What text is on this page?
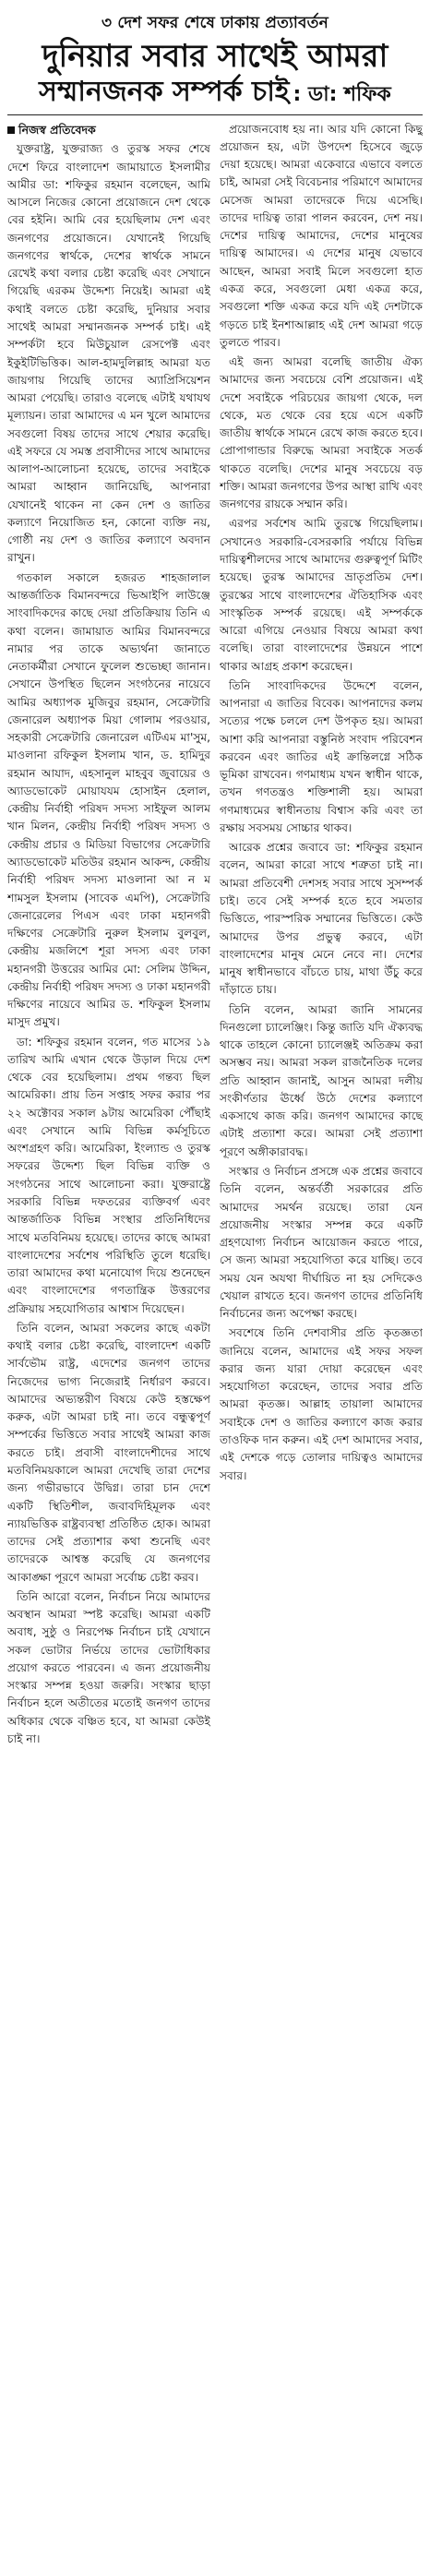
৩ দেশ সফর শেষে ঢাকায় প্রত্যাবর্তন
দুনিয়ার সবার সাথেই আমরা
সম্মানজনক সম্পর্ক চাই : ডা: শফিক
নিজস্ব প্রতিবেদক

যুক্তরাষ্ট্র, যুক্তরাজ্য ও তুরস্ক সফর শেষে দেশে ফিরে বাংলাদেশ জামায়াতে ইসলামীর আমীর ডা: শফিকুর রহমান বলেছেন, আমি আসলে নিজের কোনো প্রয়োজনে দেশ থেকে বের হইনি। আমি বের হয়েছিলাম দেশ এবং জনগণের প্রয়োজনে। যেখানেই গিয়েছি জনগণের স্বার্থকে, দেশের স্বার্থকে সামনে রেখেই কথা বলার চেষ্টা করেছি এবং সেখানে গিয়েছি এরকম উদ্দেশ্য নিয়েই। আমরা এই কথাই বলতে চেষ্টা করেছি, দুনিয়ার সবার সাথেই আমরা সম্মানজনক সম্পর্ক চাই। এই সম্পর্কটা হবে মিউচুয়াল রেসপেক্ট এবং ইকুইটিভিত্তিক। আল-হামদুলিল্লাহ আমরা যত জায়গায় গিয়েছি তাদের অ্যাপ্রিসিয়েশন আমরা পেয়েছি। তারাও বলেছে এটাই যথাযথ মূল্যায়ন। তারা আমাদের এ মন খুলে আমাদের সবগুলো বিষয় তাদের সাথে শেয়ার করেছি। এই সফরে যে সমস্ত প্রবাসীদের সাথে আমাদের আলাপ-আলোচনা হয়েছে, তাদের সবাইকে আমরা আহ্বান জানিয়েছি, আপনারা যেখানেই থাকেন না কেন দেশ ও জাতির কল্যাণে নিয়োজিত হন, কোনো ব্যক্তি নয়, গোষ্ঠী নয় দেশ ও জাতির কল্যাণে অবদান রাখুন।

গতকাল সকালে হজরত শাহজালাল আন্তর্জাতিক বিমানবন্দরে ভিআইপি লাউঞ্জে সাংবাদিকদের কাছে দেয়া প্রতিক্রিয়ায় তিনি এ কথা বলেন। জামায়াত আমির বিমানবন্দরে নামার পর তাকে অভ্যর্থনা জানাতে নেতাকর্মীরা সেখানে ফুলেল শুভেচ্ছা জানান। সেখানে উপস্থিত ছিলেন সংগঠনের নায়েবে আমির অধ্যাপক মুজিবুর রহমান, সেক্রেটারি জেনারেল অধ্যাপক মিয়া গোলাম পরওয়ার, সহকারী সেক্রেটারি জেনারেল এটিএম মা'সুম, মাওলানা রফিকুল ইসলাম খান, ড. হামিদুর রহমান আযাদ, এহসানুল মাহবুব জুবায়ের ও অ্যাডভোকেট মোয়াযযম হোসাইন হেলাল, কেন্দ্রীয় নির্বাহী পরিষদ সদস্য সাইফুল আলম খান মিলন, কেন্দ্রীয় নির্বাহী পরিষদ সদস্য ও কেন্দ্রীয় প্রচার ও মিডিয়া বিভাগের সেক্রেটারি অ্যাডভোকেট মতিউর রহমান আকন্দ, কেন্দ্রীয় নির্বাহী পরিষদ সদস্য মাওলানা আ ন ম শামসুল ইসলাম (সাবেক এমপি), সেক্রেটারি জেনারেলের পিএস এবং ঢাকা মহানগরী দক্ষিণের সেক্রেটারি নুরুল ইসলাম বুলবুল, কেন্দ্রীয় মজলিশে শূরা সদস্য এবং ঢাকা মহানগরী উত্তরের আমির মো: সেলিম উদ্দিন, কেন্দ্রীয় নির্বাহী পরিষদ সদস্য ও ঢাকা মহানগরী দক্ষিণের নায়েবে আমির ড. শফিকুল ইসলাম মাসুদ প্রমুখ।

ডা: শফিকুর রহমান বলেন, গত মাসের ১৯ তারিখ আমি এখান থেকে উড়াল দিয়ে দেশ থেকে বের হয়েছিলাম। প্রথম গন্তব্য ছিল আমেরিকা। প্রায় তিন সপ্তাহ সফর করার পর ২২ অক্টোবর সকাল ৯টায় আমেরিকা পৌঁছাই এবং সেখানে আমি বিভিন্ন কর্মসূচিতে অংশগ্রহণ করি। আমেরিকা, ইংল্যান্ড ও তুরস্ক সফরের উদ্দেশ্য ছিল বিভিন্ন ব্যক্তি ও সংগঠনের সাথে আলোচনা করা। যুক্তরাষ্ট্রে সরকারি বিভিন্ন দফতরের ব্যক্তিবর্গ এবং আন্তর্জাতিক বিভিন্ন সংস্থার প্রতিনিধিদের সাথে মতবিনিময় হয়েছে। তাদের কাছে আমরা বাংলাদেশের সর্বশেষ পরিস্থিতি তুলে ধরেছি। তারা আমাদের কথা মনোযোগ দিয়ে শুনেছেন এবং বাংলাদেশের গণতান্ত্রিক উত্তরণের প্রক্রিয়ায় সহযোগিতার আশ্বাস দিয়েছেন।

তিনি বলেন, আমরা সকলের কাছে একটা কথাই বলার চেষ্টা করেছি, বাংলাদেশ একটি সার্বভৌম রাষ্ট্র, এদেশের জনগণ তাদের নিজেদের ভাগ্য নিজেরাই নির্ধারণ করবে। আমাদের অভ্যন্তরীণ বিষয়ে কেউ হস্তক্ষেপ করুক, এটা আমরা চাই না। তবে বন্ধুত্বপূর্ণ সম্পর্কের ভিত্তিতে সবার সাথেই আমরা কাজ করতে চাই। প্রবাসী বাংলাদেশীদের সাথে মতবিনিময়কালে আমরা দেখেছি তারা দেশের জন্য গভীরভাবে উদ্বিগ্ন। তারা চান দেশে একটি স্থিতিশীল, জবাবদিহিমূলক এবং ন্যায়ভিত্তিক রাষ্ট্রব্যবস্থা প্রতিষ্ঠিত হোক। আমরা তাদের সেই প্রত্যাশার কথা শুনেছি এবং তাদেরকে আশ্বস্ত করেছি যে জনগণের আকাঙ্ক্ষা পূরণে আমরা সর্বোচ্চ চেষ্টা করব।

তিনি আরো বলেন, নির্বাচন নিয়ে আমাদের অবস্থান আমরা স্পষ্ট করেছি। আমরা একটি অবাধ, সুষ্ঠু ও নিরপেক্ষ নির্বাচন চাই যেখানে সকল ভোটার নির্ভয়ে তাদের ভোটাধিকার প্রয়োগ করতে পারবেন। এ জন্য প্রয়োজনীয় সংস্কার সম্পন্ন হওয়া জরুরি। সংস্কার ছাড়া নির্বাচন হলে অতীতের মতোই জনগণ তাদের অধিকার থেকে বঞ্চিত হবে, যা আমরা কেউই চাই না।

প্রয়োজনবোধ হয় না। আর যদি কোনো কিছু প্রয়োজন হয়, এটা উপদেশ হিসেবে জুড়ে দেয়া হয়েছে। আমরা একেবারে এভাবে বলতে চাই, আমরা সেই বিবেচনার পরিমাণে আমাদের মেসেজ আমরা তাদেরকে দিয়ে এসেছি। তাদের দায়িত্ব তারা পালন করবেন, দেশ নয়। দেশের দায়িত্ব আমাদের, দেশের মানুষের দায়িত্ব আমাদের। এ দেশের মানুষ যেভাবে আছেন, আমরা সবাই মিলে সবগুলো হাত একত্র করে, সবগুলো মেধা একত্র করে, সবগুলো শক্তি একত্র করে যদি এই দেশটাকে গড়তে চাই ইনশাআল্লাহ এই দেশ আমরা গড়ে তুলতে পারব।

এই জন্য আমরা বলেছি জাতীয় ঐক্য আমাদের জন্য সবচেয়ে বেশি প্রয়োজন। এই দেশে সবাইকে পরিচয়ের জায়গা থেকে, দল থেকে, মত থেকে বের হয়ে এসে একটি জাতীয় স্বার্থকে সামনে রেখে কাজ করতে হবে। প্রোপাগান্ডার বিরুদ্ধে আমরা সবাইকে সতর্ক থাকতে বলেছি। দেশের মানুষ সবচেয়ে বড় শক্তি। আমরা জনগণের উপর আস্থা রাখি এবং জনগণের রায়কে সম্মান করি।

এরপর সর্বশেষ আমি তুরস্কে গিয়েছিলাম। সেখানেও সরকারি-বেসরকারি পর্যায়ে বিভিন্ন দায়িত্বশীলদের সাথে আমাদের গুরুত্বপূর্ণ মিটিং হয়েছে। তুরস্ক আমাদের ভ্রাতৃপ্রতিম দেশ। তুরস্কের সাথে বাংলাদেশের ঐতিহাসিক এবং সাংস্কৃতিক সম্পর্ক রয়েছে। এই সম্পর্ককে আরো এগিয়ে নেওয়ার বিষয়ে আমরা কথা বলেছি। তারা বাংলাদেশের উন্নয়নে পাশে থাকার আগ্রহ প্রকাশ করেছেন।

তিনি সাংবাদিকদের উদ্দেশে বলেন, আপনারা এ জাতির বিবেক। আপনাদের কলম সত্যের পক্ষে চললে দেশ উপকৃত হয়। আমরা আশা করি আপনারা বস্তুনিষ্ঠ সংবাদ পরিবেশন করবেন এবং জাতির এই ক্রান্তিলগ্নে সঠিক ভূমিকা রাখবেন। গণমাধ্যম যখন স্বাধীন থাকে, তখন গণতন্ত্রও শক্তিশালী হয়। আমরা গণমাধ্যমের স্বাধীনতায় বিশ্বাস করি এবং তা রক্ষায় সবসময় সোচ্চার থাকব।

আরেক প্রশ্নের জবাবে ডা: শফিকুর রহমান বলেন, আমরা কারো সাথে শত্রুতা চাই না। আমরা প্রতিবেশী দেশসহ সবার সাথে সুসম্পর্ক চাই। তবে সেই সম্পর্ক হতে হবে সমতার ভিত্তিতে, পারস্পরিক সম্মানের ভিত্তিতে। কেউ আমাদের উপর প্রভুত্ব করবে, এটা বাংলাদেশের মানুষ মেনে নেবে না। দেশের মানুষ স্বাধীনভাবে বাঁচতে চায়, মাথা উঁচু করে দাঁড়াতে চায়।

তিনি বলেন, আমরা জানি সামনের দিনগুলো চ্যালেঞ্জিং। কিন্তু জাতি যদি ঐক্যবদ্ধ থাকে তাহলে কোনো চ্যালেঞ্জই অতিক্রম করা অসম্ভব নয়। আমরা সকল রাজনৈতিক দলের প্রতি আহ্বান জানাই, আসুন আমরা দলীয় সংকীর্ণতার ঊর্ধ্বে উঠে দেশের কল্যাণে একসাথে কাজ করি। জনগণ আমাদের কাছে এটাই প্রত্যাশা করে। আমরা সেই প্রত্যাশা পূরণে অঙ্গীকারাবদ্ধ।

সংস্কার ও নির্বাচন প্রসঙ্গে এক প্রশ্নের জবাবে তিনি বলেন, অন্তর্বর্তী সরকারের প্রতি আমাদের সমর্থন রয়েছে। তারা যেন প্রয়োজনীয় সংস্কার সম্পন্ন করে একটি গ্রহণযোগ্য নির্বাচন আয়োজন করতে পারে, সে জন্য আমরা সহযোগিতা করে যাচ্ছি। তবে সময় যেন অযথা দীর্ঘায়িত না হয় সেদিকেও খেয়াল রাখতে হবে। জনগণ তাদের প্রতিনিধি নির্বাচনের জন্য অপেক্ষা করছে।

সবশেষে তিনি দেশবাসীর প্রতি কৃতজ্ঞতা জানিয়ে বলেন, আমাদের এই সফর সফল করার জন্য যারা দোয়া করেছেন এবং সহযোগিতা করেছেন, তাদের সবার প্রতি আমরা কৃতজ্ঞ। আল্লাহ তায়ালা আমাদের সবাইকে দেশ ও জাতির কল্যাণে কাজ করার তাওফিক দান করুন। এই দেশ আমাদের সবার, এই দেশকে গড়ে তোলার দায়িত্বও আমাদের সবার।
